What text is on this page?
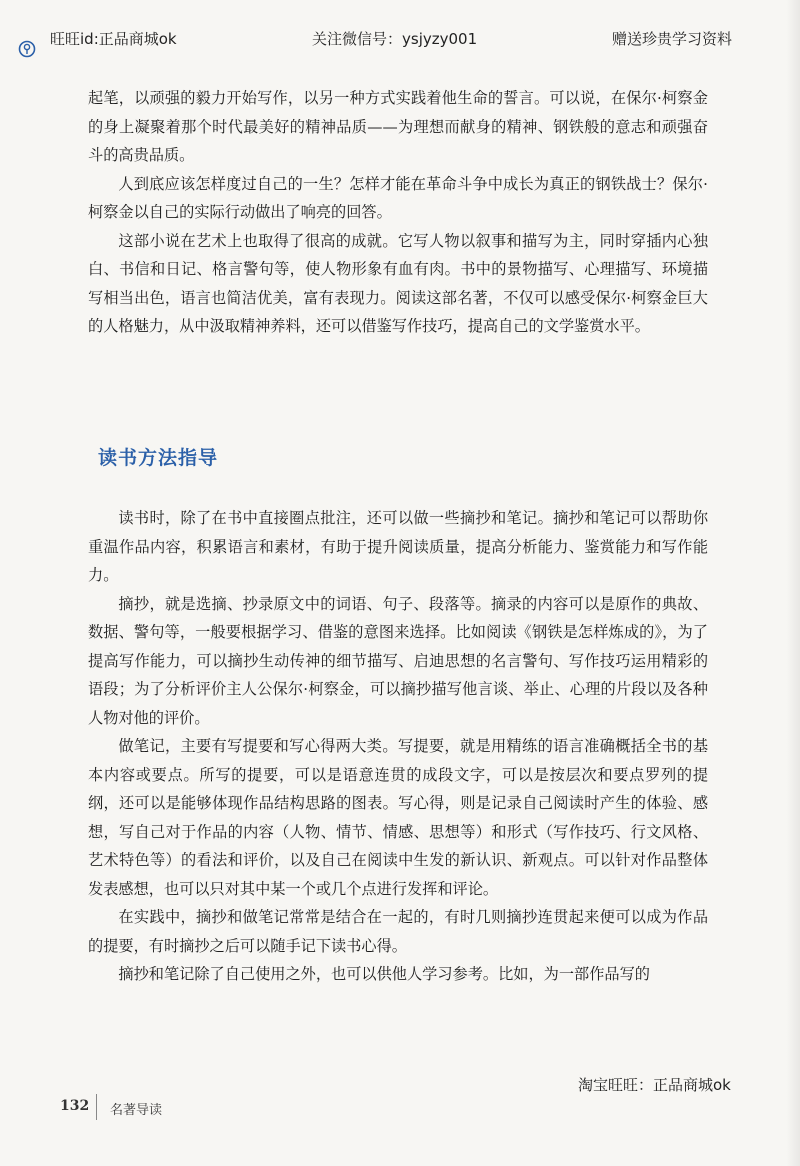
旺旺id:正品商城ok	关注微信号：ysjyzy001	赠送珍贵学习资料

起笔，以顽强的毅力开始写作，以另一种方式实践着他生命的誓言。可以说，在保尔·柯察金的身上凝聚着那个时代最美好的精神品质——为理想而献身的精神、钢铁般的意志和顽强奋斗的高贵品质。

人到底应该怎样度过自己的一生？怎样才能在革命斗争中成长为真正的钢铁战士？保尔·柯察金以自己的实际行动做出了响亮的回答。

这部小说在艺术上也取得了很高的成就。它写人物以叙事和描写为主，同时穿插内心独白、书信和日记、格言警句等，使人物形象有血有肉。书中的景物描写、心理描写、环境描写相当出色，语言也简洁优美，富有表现力。阅读这部名著，不仅可以感受保尔·柯察金巨大的人格魅力，从中汲取精神养料，还可以借鉴写作技巧，提高自己的文学鉴赏水平。

读书方法指导

读书时，除了在书中直接圈点批注，还可以做一些摘抄和笔记。摘抄和笔记可以帮助你重温作品内容，积累语言和素材，有助于提升阅读质量，提高分析能力、鉴赏能力和写作能力。

摘抄，就是选摘、抄录原文中的词语、句子、段落等。摘录的内容可以是原作的典故、数据、警句等，一般要根据学习、借鉴的意图来选择。比如阅读《钢铁是怎样炼成的》，为了提高写作能力，可以摘抄生动传神的细节描写、启迪思想的名言警句、写作技巧运用精彩的语段；为了分析评价主人公保尔·柯察金，可以摘抄描写他言谈、举止、心理的片段以及各种人物对他的评价。

做笔记，主要有写提要和写心得两大类。写提要，就是用精练的语言准确概括全书的基本内容或要点。所写的提要，可以是语意连贯的成段文字，可以是按层次和要点罗列的提纲，还可以是能够体现作品结构思路的图表。写心得，则是记录自己阅读时产生的体验、感想，写自己对于作品的内容（人物、情节、情感、思想等）和形式（写作技巧、行文风格、艺术特色等）的看法和评价，以及自己在阅读中生发的新认识、新观点。可以针对作品整体发表感想，也可以只对其中某一个或几个点进行发挥和评论。

在实践中，摘抄和做笔记常常是结合在一起的，有时几则摘抄连贯起来便可以成为作品的提要，有时摘抄之后可以随手记下读书心得。

摘抄和笔记除了自己使用之外，也可以供他人学习参考。比如，为一部作品写的

淘宝旺旺：正品商城ok
132 名著导读
